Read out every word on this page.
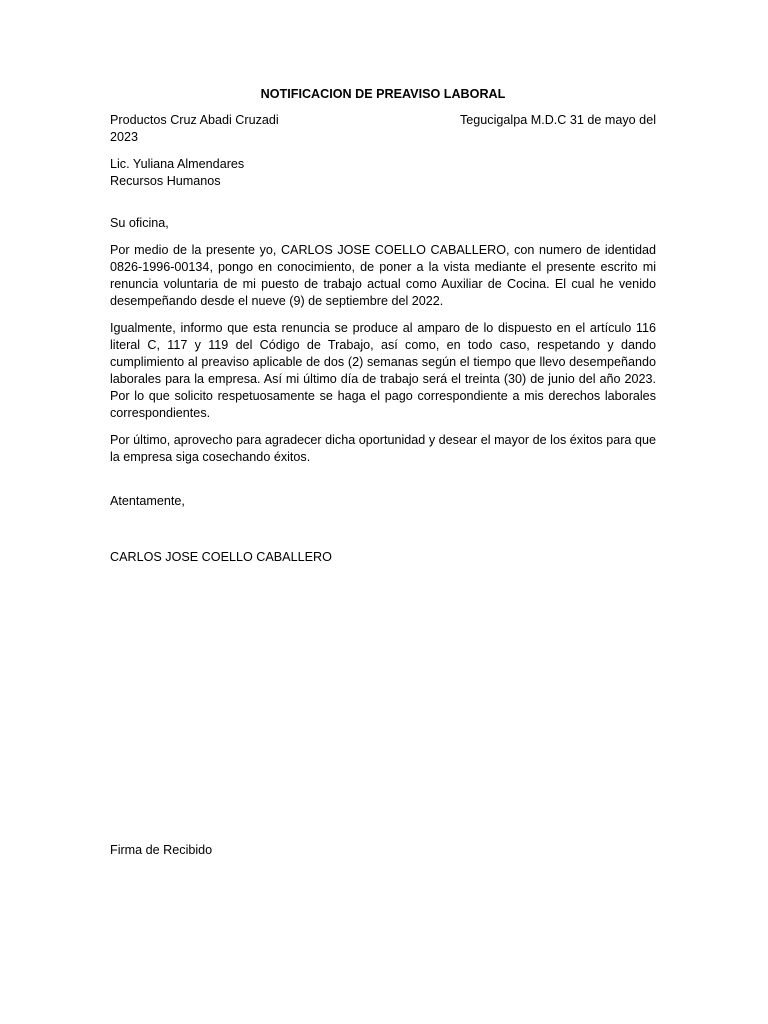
NOTIFICACION DE PREAVISO LABORAL
Productos Cruz Abadi Cruzadi	Tegucigalpa M.D.C 31 de mayo del
2023
Lic. Yuliana Almendares
Recursos Humanos
Su oficina,

Por medio de la presente yo, CARLOS JOSE COELLO CABALLERO, con numero de identidad 0826-1996-00134, pongo en conocimiento, de poner a la vista mediante el presente escrito mi renuncia voluntaria de mi puesto de trabajo actual como Auxiliar de Cocina. El cual he venido desempeñando desde el nueve (9) de septiembre del 2022.

Igualmente, informo que esta renuncia se produce al amparo de lo dispuesto en el artículo 116 literal C, 117 y 119 del Código de Trabajo, así como, en todo caso, respetando y dando cumplimiento al preaviso aplicable de dos (2) semanas según el tiempo que llevo desempeñando laborales para la empresa. Así mi último día de trabajo será el treinta (30) de junio del año 2023. Por lo que solicito respetuosamente se haga el pago correspondiente a mis derechos laborales correspondientes.

Por último, aprovecho para agradecer dicha oportunidad y desear el mayor de los éxitos para que la empresa siga cosechando éxitos.

Atentamente,
CARLOS JOSE COELLO CABALLERO
Firma de Recibido
